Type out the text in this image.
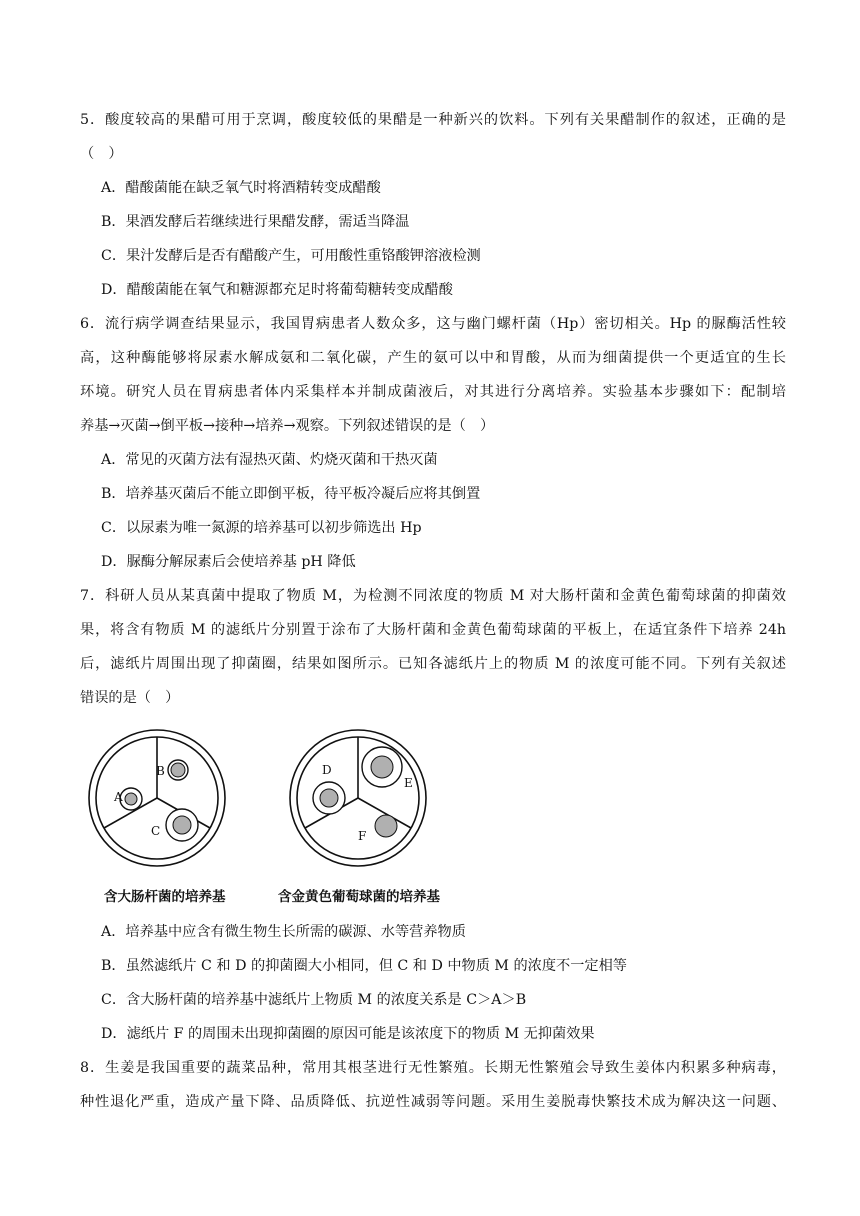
5．酸度较高的果醋可用于烹调，酸度较低的果醋是一种新兴的饮料。下列有关果醋制作的叙述，正确的是
（　）
A．醋酸菌能在缺乏氧气时将酒精转变成醋酸
B．果酒发酵后若继续进行果醋发酵，需适当降温
C．果汁发酵后是否有醋酸产生，可用酸性重铬酸钾溶液检测
D．醋酸菌能在氧气和糖源都充足时将葡萄糖转变成醋酸
6．流行病学调查结果显示，我国胃病患者人数众多，这与幽门螺杆菌（Hp）密切相关。Hp 的脲酶活性较
高，这种酶能够将尿素水解成氨和二氧化碳，产生的氨可以中和胃酸，从而为细菌提供一个更适宜的生长
环境。研究人员在胃病患者体内采集样本并制成菌液后，对其进行分离培养。实验基本步骤如下：配制培
养基→灭菌→倒平板→接种→培养→观察。下列叙述错误的是（　）
A．常见的灭菌方法有湿热灭菌、灼烧灭菌和干热灭菌
B．培养基灭菌后不能立即倒平板，待平板冷凝后应将其倒置
C．以尿素为唯一氮源的培养基可以初步筛选出 Hp
D．脲酶分解尿素后会使培养基 pH 降低
7．科研人员从某真菌中提取了物质 M，为检测不同浓度的物质 M 对大肠杆菌和金黄色葡萄球菌的抑菌效
果，将含有物质 M 的滤纸片分别置于涂布了大肠杆菌和金黄色葡萄球菌的平板上，在适宜条件下培养 24h
后，滤纸片周围出现了抑菌圈，结果如图所示。已知各滤纸片上的物质 M 的浓度可能不同。下列有关叙述
错误的是（　）
A
B
C
D
E
F
含大肠杆菌的培养基	含金黄色葡萄球菌的培养基
A．培养基中应含有微生物生长所需的碳源、水等营养物质
B．虽然滤纸片 C 和 D 的抑菌圈大小相同，但 C 和 D 中物质 M 的浓度不一定相等
C．含大肠杆菌的培养基中滤纸片上物质 M 的浓度关系是 C＞A＞B
D．滤纸片 F 的周围未出现抑菌圈的原因可能是该浓度下的物质 M 无抑菌效果
8．生姜是我国重要的蔬菜品种，常用其根茎进行无性繁殖。长期无性繁殖会导致生姜体内积累多种病毒，
种性退化严重，造成产量下降、品质降低、抗逆性减弱等问题。采用生姜脱毒快繁技术成为解决这一问题、
